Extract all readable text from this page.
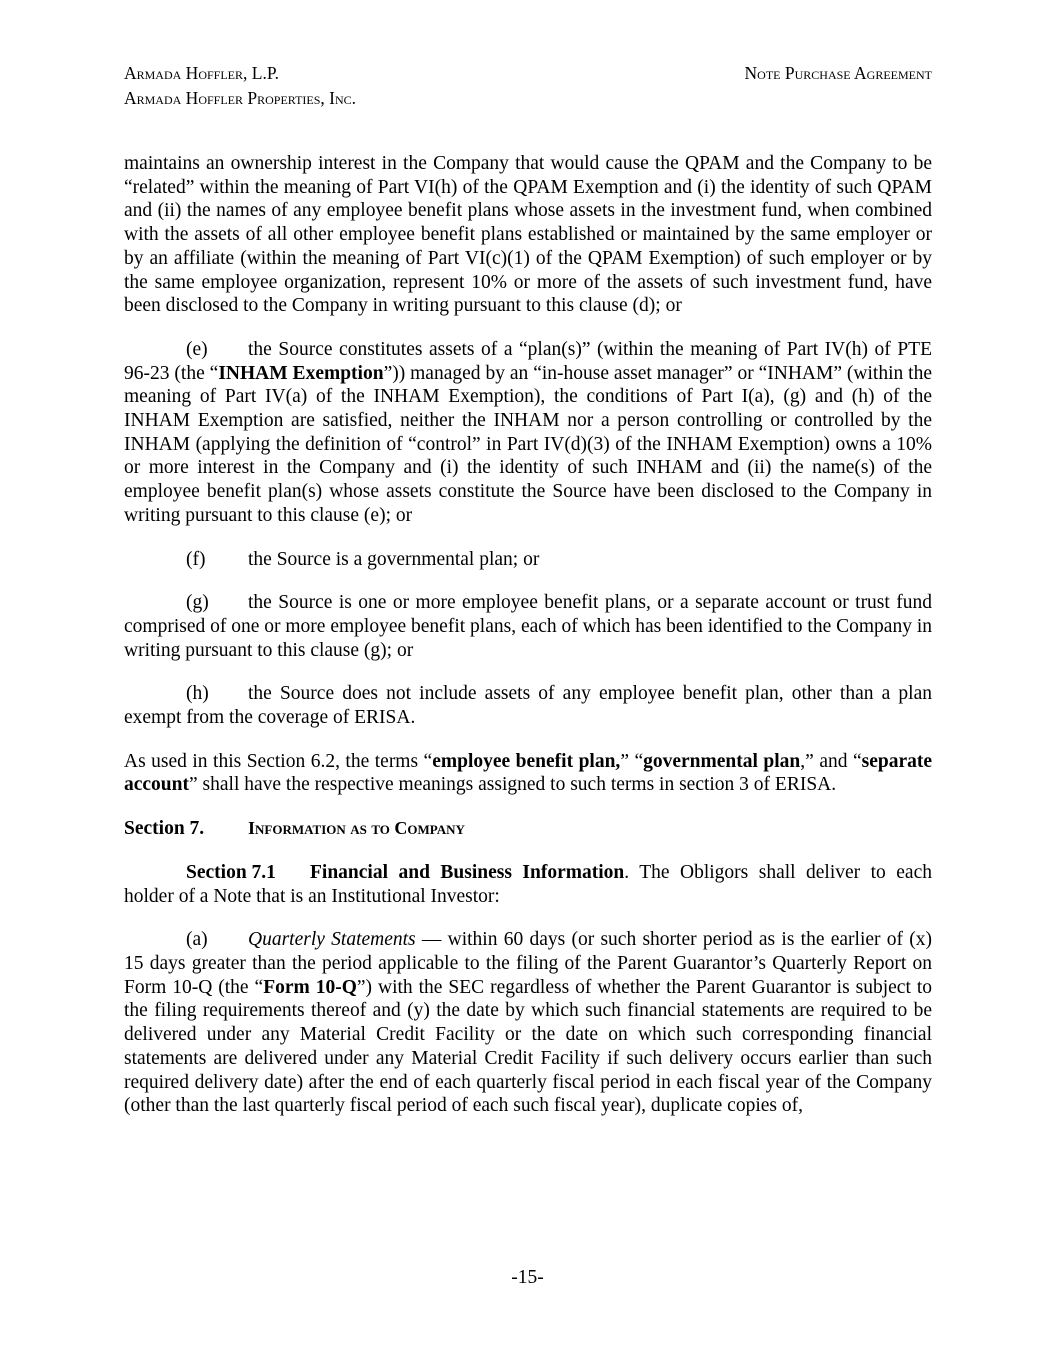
Armada Hoffler, L.P.
Armada Hoffler Properties, Inc.
Note Purchase Agreement

maintains an ownership interest in the Company that would cause the QPAM and the Company to be “related” within the meaning of Part VI(h) of the QPAM Exemption and (i) the identity of such QPAM and (ii) the names of any employee benefit plans whose assets in the investment fund, when combined with the assets of all other employee benefit plans established or maintained by the same employer or by an affiliate (within the meaning of Part VI(c)(1) of the QPAM Exemption) of such employer or by the same employee organization, represent 10% or more of the assets of such investment fund, have been disclosed to the Company in writing pursuant to this clause (d); or

(e) the Source constitutes assets of a “plan(s)” (within the meaning of Part IV(h) of PTE 96-23 (the “INHAM Exemption”)) managed by an “in-house asset manager” or “INHAM” (within the meaning of Part IV(a) of the INHAM Exemption), the conditions of Part I(a), (g) and (h) of the INHAM Exemption are satisfied, neither the INHAM nor a person controlling or controlled by the INHAM (applying the definition of “control” in Part IV(d)(3) of the INHAM Exemption) owns a 10% or more interest in the Company and (i) the identity of such INHAM and (ii) the name(s) of the employee benefit plan(s) whose assets constitute the Source have been disclosed to the Company in writing pursuant to this clause (e); or

(f) the Source is a governmental plan; or

(g) the Source is one or more employee benefit plans, or a separate account or trust fund comprised of one or more employee benefit plans, each of which has been identified to the Company in writing pursuant to this clause (g); or

(h) the Source does not include assets of any employee benefit plan, other than a plan exempt from the coverage of ERISA.

As used in this Section 6.2, the terms “employee benefit plan,” “governmental plan,” and “separate account” shall have the respective meanings assigned to such terms in section 3 of ERISA.

Section 7. Information as to Company

Section 7.1 Financial and Business Information. The Obligors shall deliver to each holder of a Note that is an Institutional Investor:

(a) Quarterly Statements — within 60 days (or such shorter period as is the earlier of (x) 15 days greater than the period applicable to the filing of the Parent Guarantor’s Quarterly Report on Form 10-Q (the “Form 10-Q”) with the SEC regardless of whether the Parent Guarantor is subject to the filing requirements thereof and (y) the date by which such financial statements are required to be delivered under any Material Credit Facility or the date on which such corresponding financial statements are delivered under any Material Credit Facility if such delivery occurs earlier than such required delivery date) after the end of each quarterly fiscal period in each fiscal year of the Company (other than the last quarterly fiscal period of each such fiscal year), duplicate copies of,

-15-
